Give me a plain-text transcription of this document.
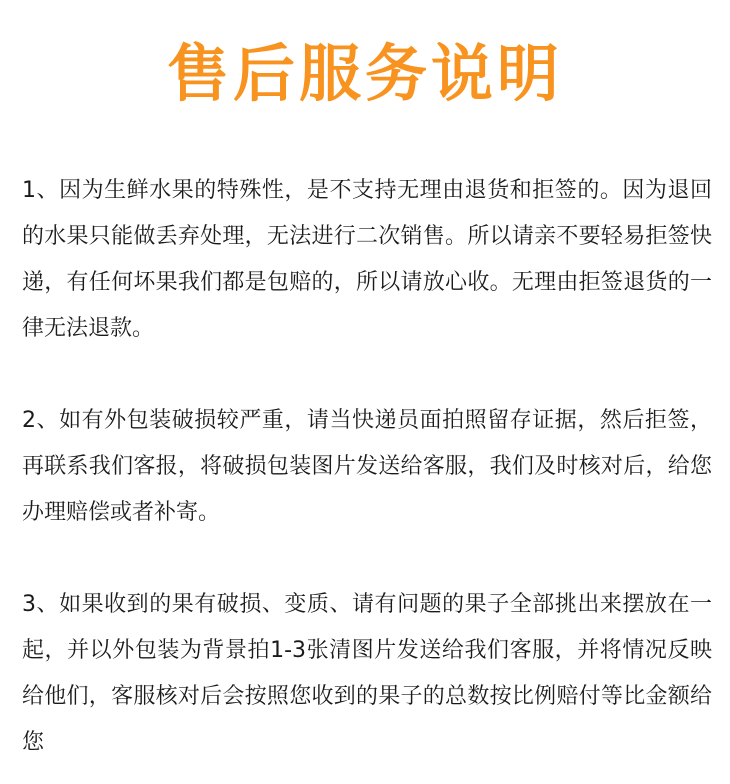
售后服务说明

1、因为生鲜水果的特殊性，是不支持无理由退货和拒签的。因为退回的水果只能做丢弃处理，无法进行二次销售。所以请亲不要轻易拒签快递，有任何坏果我们都是包赔的，所以请放心收。无理由拒签退货的一律无法退款。

2、如有外包装破损较严重，请当快递员面拍照留存证据，然后拒签，再联系我们客报，将破损包装图片发送给客服，我们及时核对后，给您办理赔偿或者补寄。

3、如果收到的果有破损、变质、请有问题的果子全部挑出来摆放在一起，并以外包装为背景拍1-3张清图片发送给我们客服，并将情况反映给他们，客服核对后会按照您收到的果子的总数按比例赔付等比金额给您
